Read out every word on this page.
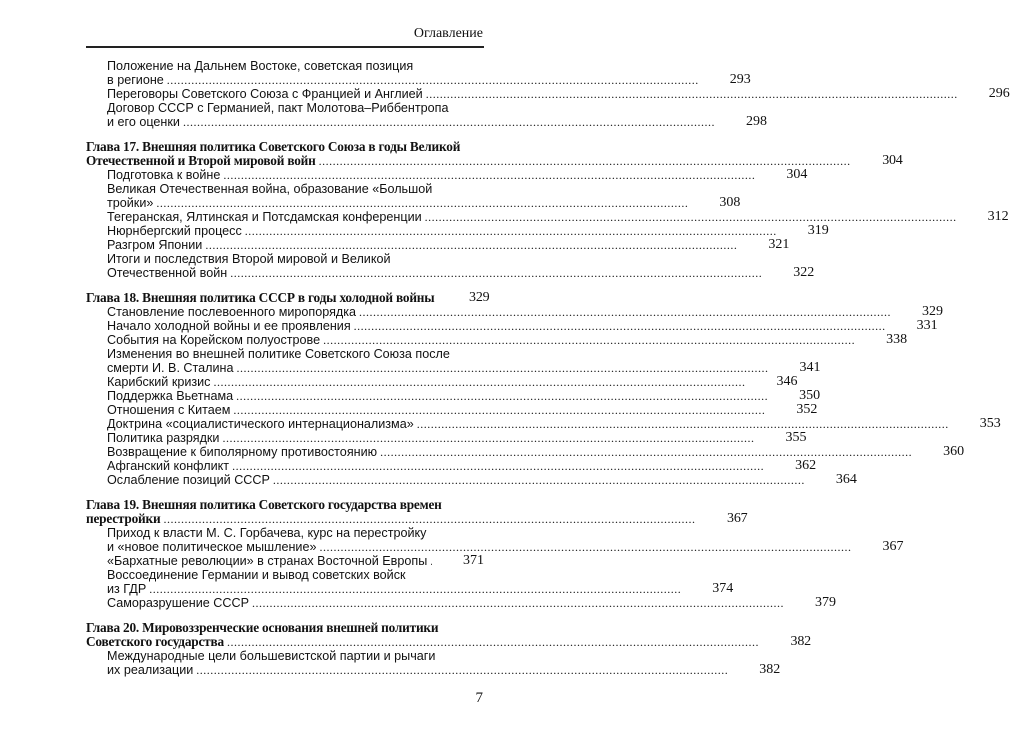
Оглавление
Положение на Дальнем Востоке, советская позиция
в регионе .....	293
Переговоры Советского Союза с Францией и Англией .....	296
Договор СССР с Германией, пакт Молотова–Риббентропа
и его оценки .....	298
Глава 17. Внешняя политика Советского Союза в годы Великой
Отечественной и Второй мировой войн .....	304
Подготовка к войне .....	304
Великая Отечественная война, образование «Большой
тройки» .....	308
Тегеранская, Ялтинская и Потсдамская конференции .....	312
Нюрнбергский процесс .....	319
Разгром Японии .....	321
Итоги и последствия Второй мировой и Великой
Отечественной войн .....	322
Глава 18. Внешняя политика СССР в годы холодной войны	329
Становление послевоенного миропорядка .....	329
Начало холодной войны и ее проявления .....	331
События на Корейском полуострове .....	338
Изменения во внешней политике Советского Союза после
смерти И. В. Сталина .....	341
Карибский кризис .....	346
Поддержка Вьетнама .....	350
Отношения с Китаем .....	352
Доктрина «социалистического интернационализма» .....	353
Политика разрядки .....	355
Возвращение к биполярному противостоянию .....	360
Афганский конфликт .....	362
Ослабление позиций СССР .....	364
Глава 19. Внешняя политика Советского государства времен
перестройки .....	367
Приход к власти М. С. Горбачева, курс на перестройку
и «новое политическое мышление» .....	367
«Бархатные революции» в странах Восточной Европы .....	371
Воссоединение Германии и вывод советских войск
из ГДР .....	374
Саморазрушение СССР .....	379
Глава 20. Мировоззренческие основания внешней политики
Советского государства .....	382
Международные цели большевистской партии и рычаги
их реализации .....	382
7
